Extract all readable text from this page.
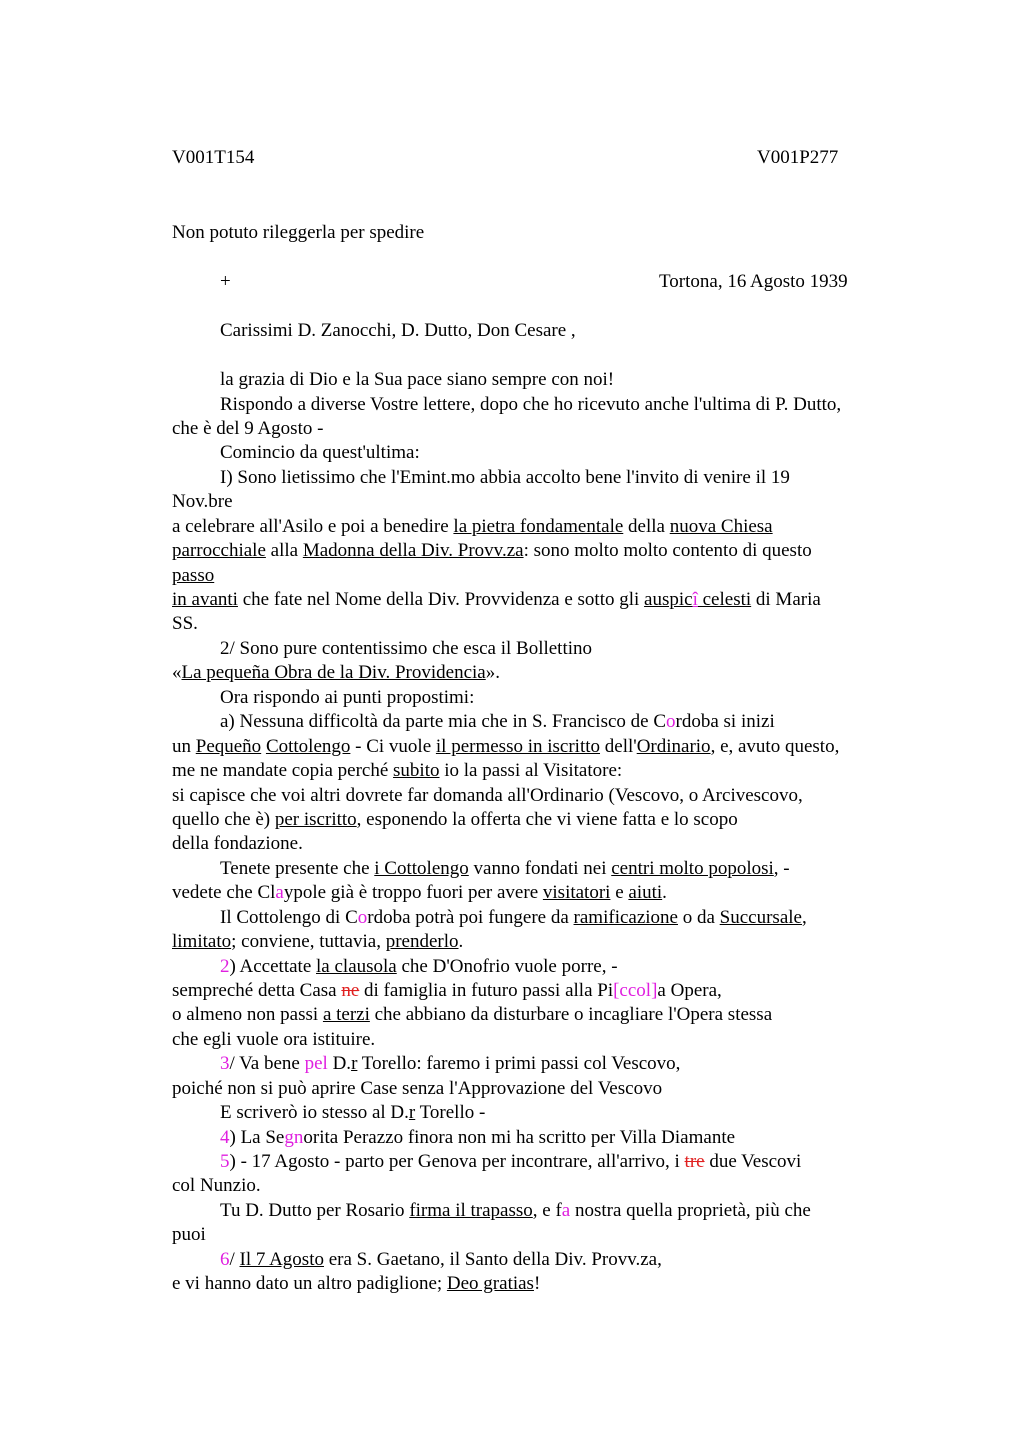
V001T154	V001P277
Non potuto rileggerla per spedire
+	Tortona, 16 Agosto 1939
Carissimi D. Zanocchi, D. Dutto, Don Cesare ,
la grazia di Dio e la Sua pace siano sempre con noi!
Rispondo a diverse Vostre lettere, dopo che ho ricevuto anche l'ultima di P. Dutto,
che è del 9 Agosto -
Comincio da quest'ultima:
I) Sono lietissimo che l'Emint.mo abbia accolto bene l'invito di venire il 19
Nov.bre
a celebrare all'Asilo e poi a benedire la pietra fondamentale della nuova Chiesa
parrocchiale alla Madonna della Div. Provv.za: sono molto molto contento di questo
passo
in avanti che fate nel Nome della Div. Provvidenza e sotto gli auspicî celesti di Maria
SS.
2/ Sono pure contentissimo che esca il Bollettino
«La pequeña Obra de la Div. Providencia».
Ora rispondo ai punti propostimi:
a) Nessuna difficoltà da parte mia che in S. Francisco de Cordoba si inizi
un Pequeño Cottolengo - Ci vuole il permesso in iscritto dell'Ordinario, e, avuto questo,
me ne mandate copia perché subito io la passi al Visitatore:
si capisce che voi altri dovrete far domanda all'Ordinario (Vescovo, o Arcivescovo,
quello che è) per iscritto, esponendo la offerta che vi viene fatta e lo scopo
della fondazione.
Tenete presente che i Cottolengo vanno fondati nei centri molto popolosi, -
vedete che Claypole già è troppo fuori per avere visitatori e aiuti.
Il Cottolengo di Cordoba potrà poi fungere da ramificazione o da Succursale,
limitato; conviene, tuttavia, prenderlo.
2) Accettate la clausola che D'Onofrio vuole porre, -
sempreché detta Casa ne di famiglia in futuro passi alla Pi[ccol]a Opera,
o almeno non passi a terzi che abbiano da disturbare o incagliare l'Opera stessa
che egli vuole ora istituire.
3/ Va bene pel D.r Torello: faremo i primi passi col Vescovo,
poiché non si può aprire Case senza l'Approvazione del Vescovo
E scriverò io stesso al D.r Torello -
4) La Segnorita Perazzo finora non mi ha scritto per Villa Diamante
5) - 17 Agosto - parto per Genova per incontrare, all'arrivo, i tre due Vescovi
col Nunzio.
Tu D. Dutto per Rosario firma il trapasso, e fa nostra quella proprietà, più che
puoi
6/ Il 7 Agosto era S. Gaetano, il Santo della Div. Provv.za,
e vi hanno dato un altro padiglione; Deo gratias!
